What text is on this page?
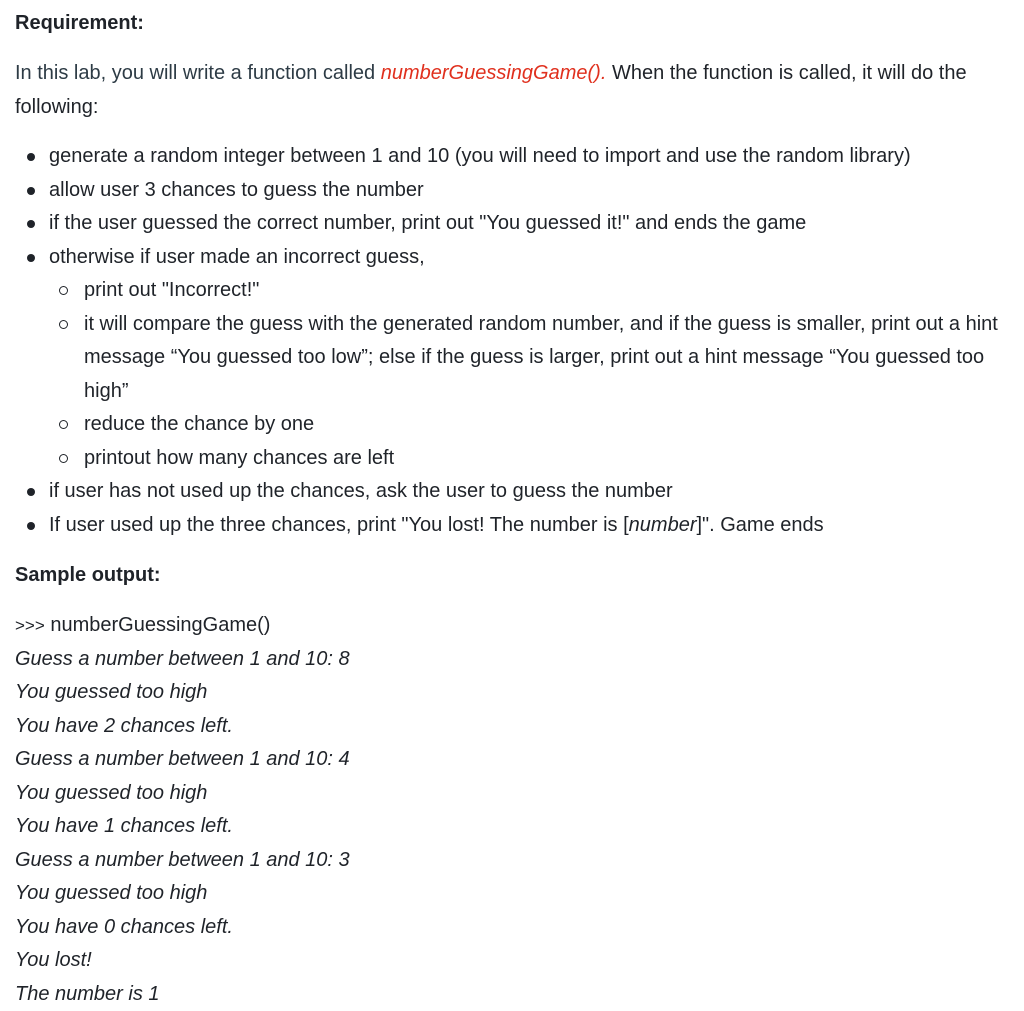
Requirement:

In this lab, you will write a function called numberGuessingGame(). When the function is called, it will do the following:

generate a random integer between 1 and 10 (you will need to import and use the random library)
allow user 3 chances to guess the number
if the user guessed the correct number, print out "You guessed it!" and ends the game
otherwise if user made an incorrect guess,
print out "Incorrect!"
it will compare the guess with the generated random number, and if the guess is smaller, print out a hint message “You guessed too low”; else if the guess is larger, print out a hint message “You guessed too high”
reduce the chance by one
printout how many chances are left
if user has not used up the chances, ask the user to guess the number
If user used up the three chances, print "You lost! The number is [number]". Game ends

Sample output:

>>> numberGuessingGame()
Guess a number between 1 and 10: 8
You guessed too high
You have 2 chances left.
Guess a number between 1 and 10: 4
You guessed too high
You have 1 chances left.
Guess a number between 1 and 10: 3
You guessed too high
You have 0 chances left.
You lost!
The number is 1
